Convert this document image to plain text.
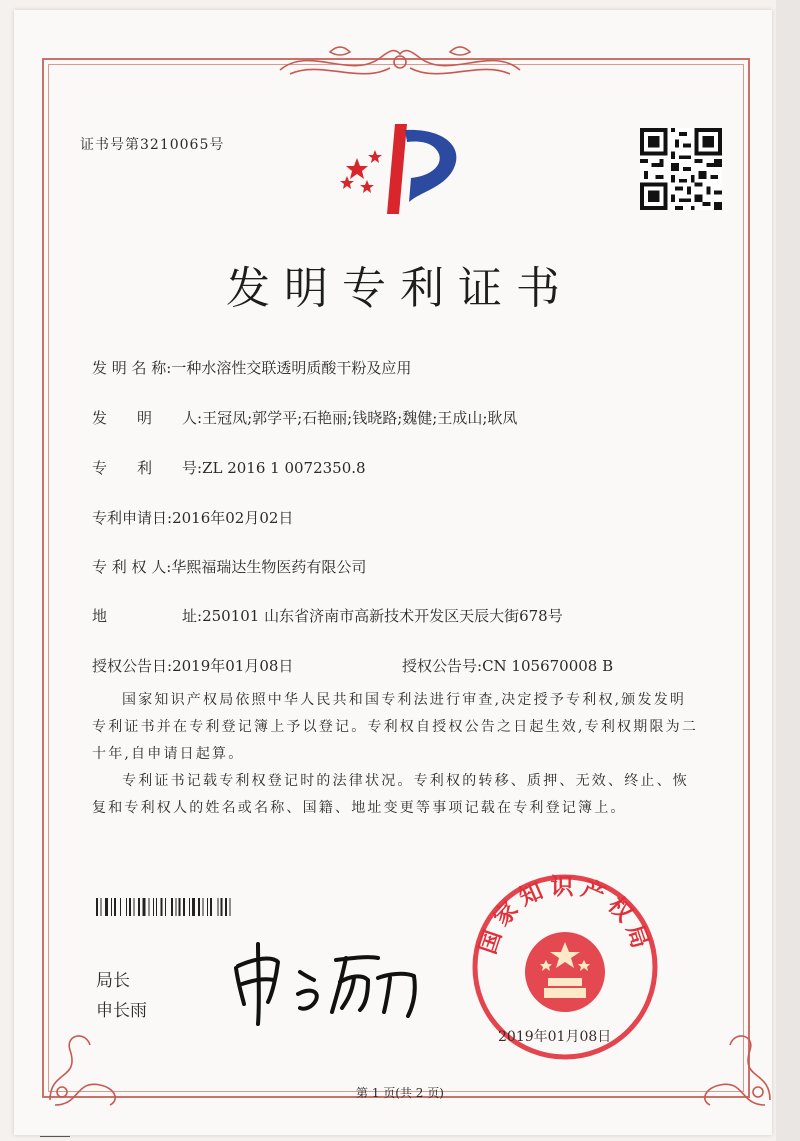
证书号第3210065号
发明专利证书
发 明 名 称:一种水溶性交联透明质酸干粉及应用
发　　明　　人:王冠凤;郭学平;石艳丽;钱晓路;魏健;王成山;耿凤
专　　利　　号:ZL 2016 1 0072350.8
专利申请日:2016年02月02日
专 利 权 人:华熙福瑞达生物医药有限公司
地　　　　　址:250101 山东省济南市高新技术开发区天辰大街678号
授权公告日:2019年01月08日	授权公告号:CN 105670008 B
国家知识产权局依照中华人民共和国专利法进行审查,决定授予专利权,颁发发明专利证书并在专利登记簿上予以登记。专利权自授权公告之日起生效,专利权期限为二十年,自申请日起算。
专利证书记载专利权登记时的法律状况。专利权的转移、质押、无效、终止、恢复和专利权人的姓名或名称、国籍、地址变更等事项记载在专利登记簿上。
局长
申长雨
国家知识产权局
2019年01月08日
第 1 页(共 2 页)
